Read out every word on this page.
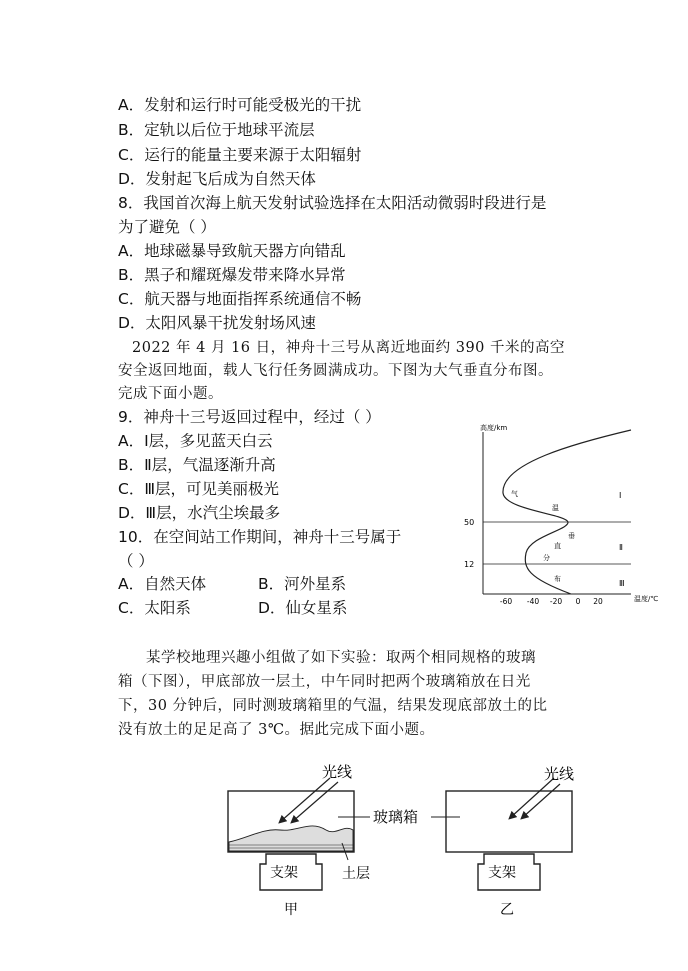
A．发射和运行时可能受极光的干扰
B．定轨以后位于地球平流层
C．运行的能量主要来源于太阳辐射
D．发射起飞后成为自然天体
8．我国首次海上航天发射试验选择在太阳活动微弱时段进行是
为了避免（ ）
A．地球磁暴导致航天器方向错乱
B．黑子和耀斑爆发带来降水异常
C．航天器与地面指挥系统通信不畅
D．太阳风暴干扰发射场风速
2022 年 4 月 16 日，神舟十三号从离近地面约 390 千米的高空
安全返回地面，载人飞行任务圆满成功。下图为大气垂直分布图。
完成下面小题。
9．神舟十三号返回过程中，经过（ ）
A．Ⅰ层，多见蓝天白云
B．Ⅱ层，气温逐渐升高
C．Ⅲ层，可见美丽极光
D．Ⅲ层，水汽尘埃最多
10．在空间站工作期间，神舟十三号属于
（ ）
A．自然天体	B．河外星系
C．太阳系	D．仙女星系
某学校地理兴趣小组做了如下实验：取两个相同规格的玻璃
箱（下图），甲底部放一层土，中午同时把两个玻璃箱放在日光
下，30 分钟后，同时测玻璃箱里的气温，结果发现底部放土的比
没有放土的足足高了 3℃。据此完成下面小题。
高度/km
温度/℃
50
12
-60 -40 -20 0 20
Ⅰ
Ⅱ
Ⅲ
气
温
垂
直
分
布
光线
支架	土层
甲
玻璃箱
光线
支架
乙
